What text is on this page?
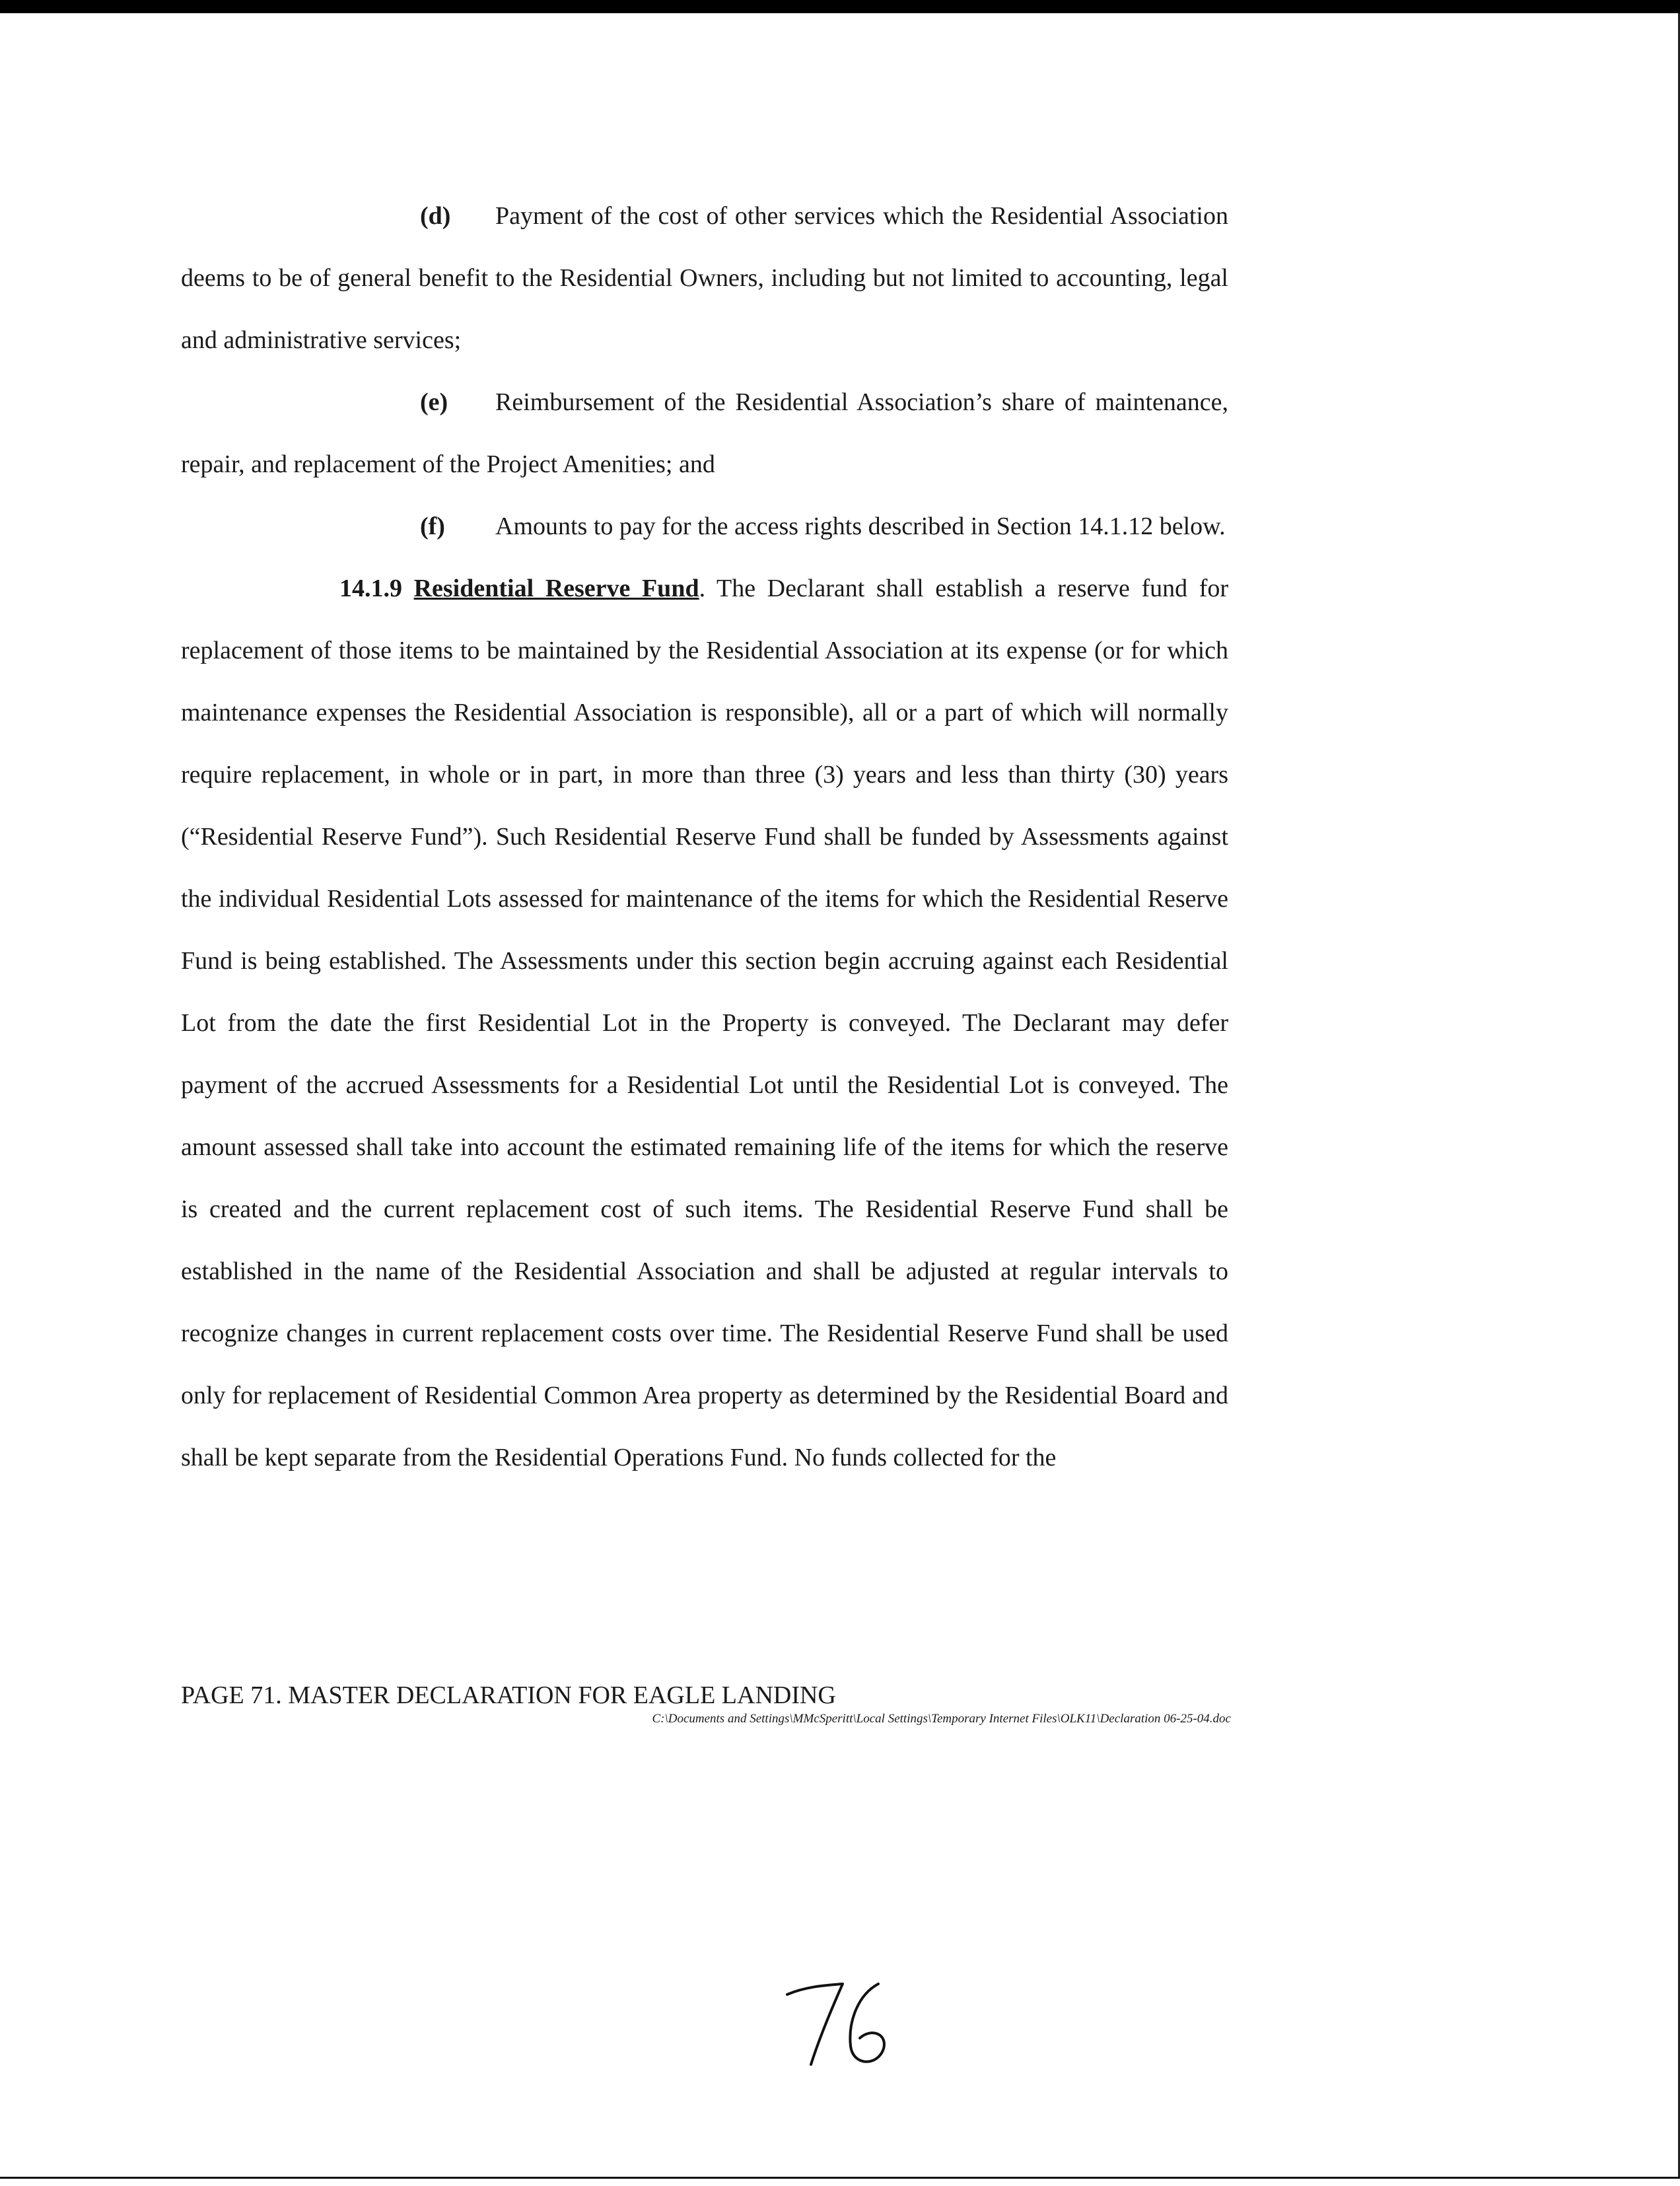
(d) Payment of the cost of other services which the Residential Association deems to be of general benefit to the Residential Owners, including but not limited to accounting, legal and administrative services;

(e) Reimbursement of the Residential Association’s share of maintenance, repair, and replacement of the Project Amenities; and

(f) Amounts to pay for the access rights described in Section 14.1.12 below.

14.1.9 Residential Reserve Fund. The Declarant shall establish a reserve fund for replacement of those items to be maintained by the Residential Association at its expense (or for which maintenance expenses the Residential Association is responsible), all or a part of which will normally require replacement, in whole or in part, in more than three (3) years and less than thirty (30) years (“Residential Reserve Fund”). Such Residential Reserve Fund shall be funded by Assessments against the individual Residential Lots assessed for maintenance of the items for which the Residential Reserve Fund is being established. The Assessments under this section begin accruing against each Residential Lot from the date the first Residential Lot in the Property is conveyed. The Declarant may defer payment of the accrued Assessments for a Residential Lot until the Residential Lot is conveyed. The amount assessed shall take into account the estimated remaining life of the items for which the reserve is created and the current replacement cost of such items. The Residential Reserve Fund shall be established in the name of the Residential Association and shall be adjusted at regular intervals to recognize changes in current replacement costs over time. The Residential Reserve Fund shall be used only for replacement of Residential Common Area property as determined by the Residential Board and shall be kept separate from the Residential Operations Fund. No funds collected for the

PAGE 71. MASTER DECLARATION FOR EAGLE LANDING

C:\Documents and Settings\MMcSperitt\Local Settings\Temporary Internet Files\OLK11\Declaration 06-25-04.doc
